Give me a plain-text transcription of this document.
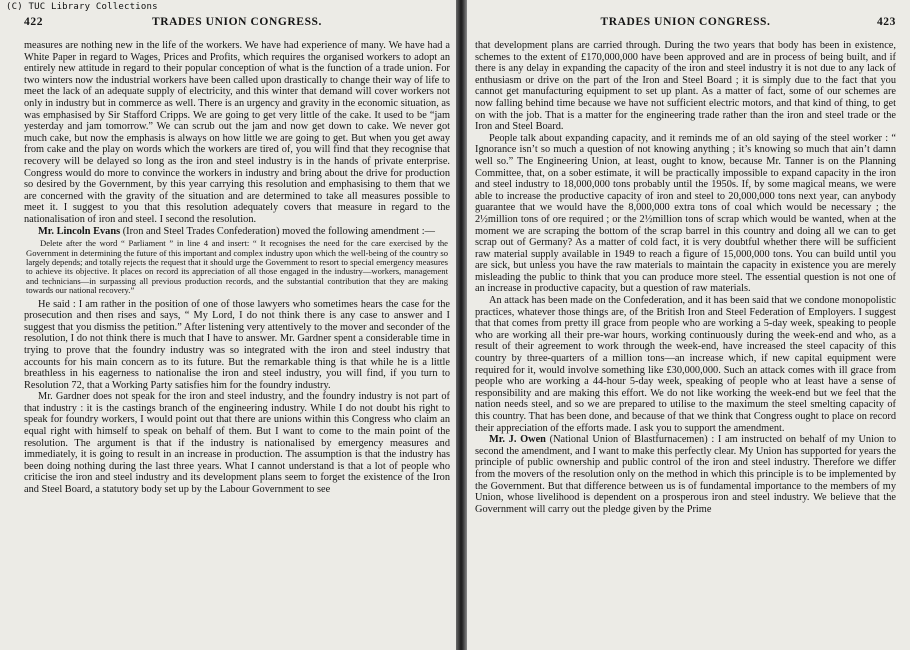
(C) TUC Library Collections
422	TRADES UNION CONGRESS.

measures are nothing new in the life of the workers. We have had experience of many. We have had a White Paper in regard to Wages, Prices and Profits, which requires the organised workers to adopt an entirely new attitude in regard to their popular conception of what is the function of a trade union. For two winters now the industrial workers have been called upon drastically to change their way of life to meet the lack of an adequate supply of electricity, and this winter that demand will cover workers not only in industry but in commerce as well. There is an urgency and gravity in the economic situation, as was emphasised by Sir Stafford Cripps. We are going to get very little of the cake. It used to be “jam yesterday and jam tomorrow.” We can scrub out the jam and now get down to cake. We never got much cake, but now the emphasis is always on how little we are going to get. But when you get away from cake and the play on words which the workers are tired of, you will find that they recognise that recovery will be delayed so long as the iron and steel industry is in the hands of private enterprise. Congress would do more to convince the workers in industry and bring about the drive for production so desired by the Government, by this year carrying this resolution and emphasising to them that we are concerned with the gravity of the situation and are determined to take all measures possible to meet it. I suggest to you that this resolution adequately covers that measure in regard to the nationalisation of iron and steel. I second the resolution.

Mr. Lincoln Evans (Iron and Steel Trades Confederation) moved the following amendment :—

Delete after the word “ Parliament ” in line 4 and insert: “ It recognises the need for the care exercised by the Government in determining the future of this important and complex industry upon which the well-being of the country so largely depends; and totally rejects the request that it should urge the Government to resort to special emergency measures to achieve its objective. It places on record its appreciation of all those engaged in the industry—workers, management and technicians—in surpassing all previous production records, and the substantial contribution that they are making towards our national recovery.”

He said : I am rather in the position of one of those lawyers who sometimes hears the case for the prosecution and then rises and says, “ My Lord, I do not think there is any case to answer and I suggest that you dismiss the petition.” After listening very attentively to the mover and seconder of the resolution, I do not think there is much that I have to answer. Mr. Gardner spent a considerable time in trying to prove that the foundry industry was so integrated with the iron and steel industry that accounts for his main concern as to its future. But the remarkable thing is that while he is a little breathless in his eagerness to nationalise the iron and steel industry, you will find, if you turn to Resolution 72, that a Working Party satisfies him for the foundry industry.

Mr. Gardner does not speak for the iron and steel industry, and the foundry industry is not part of that industry : it is the castings branch of the engineering industry. While I do not doubt his right to speak for foundry workers, I would point out that there are unions within this Congress who claim an equal right with himself to speak on behalf of them. But I want to come to the main point of the resolution. The argument is that if the industry is nationalised by emergency measures and immediately, it is going to result in an increase in production. The assumption is that the industry has been doing nothing during the last three years. What I cannot understand is that a lot of people who criticise the iron and steel industry and its development plans seem to forget the existence of the Iron and Steel Board, a statutory body set up by the Labour Government to see

TRADES UNION CONGRESS.	423

that development plans are carried through. During the two years that body has been in existence, schemes to the extent of £170,000,000 have been approved and are in process of being built, and if there is any delay in expanding the capacity of the iron and steel industry it is not due to any lack of enthusiasm or drive on the part of the Iron and Steel Board ; it is simply due to the fact that you cannot get manufacturing equipment to set up plant. As a matter of fact, some of our schemes are now falling behind time because we have not sufficient electric motors, and that kind of thing, to get on with the job. That is a matter for the engineering trade rather than the iron and steel trade or the Iron and Steel Board.

People talk about expanding capacity, and it reminds me of an old saying of the steel worker : “ Ignorance isn’t so much a question of not knowing anything ; it’s knowing so much that ain’t damn well so.” The Engineering Union, at least, ought to know, because Mr. Tanner is on the Planning Committee, that, on a sober estimate, it will be practically impossible to expand capacity in the iron and steel industry to 18,000,000 tons probably until the 1950s. If, by some magical means, we were able to increase the productive capacity of iron and steel to 20,000,000 tons next year, can anybody guarantee that we would have the 8,000,000 extra tons of coal which would be necessary ; the 2½million tons of ore required ; or the 2½million tons of scrap which would be wanted, when at the moment we are scraping the bottom of the scrap barrel in this country and doing all we can to get scrap out of Germany? As a matter of cold fact, it is very doubtful whether there will be sufficient raw material supply available in 1949 to reach a figure of 15,000,000 tons. You can build until you are sick, but unless you have the raw materials to maintain the capacity in existence you are merely misleading the public to think that you can produce more steel. The essential question is not one of an increase in productive capacity, but a question of raw materials.

An attack has been made on the Confederation, and it has been said that we condone monopolistic practices, whatever those things are, of the British Iron and Steel Federation of Employers. I suggest that that comes from pretty ill grace from people who are working a 5-day week, speaking to people who are working all their pre-war hours, working continuously during the week-end and who, as a result of their agreement to work through the week-end, have increased the steel capacity of this country by three-quarters of a million tons—an increase which, if new capital equipment were required for it, would involve something like £30,000,000. Such an attack comes with ill grace from people who are working a 44-hour 5-day week, speaking of people who at least have a sense of responsibility and are making this effort. We do not like working the week-end but we feel that the nation needs steel, and so we are prepared to utilise to the maximum the steel smelting capacity of this country. That has been done, and because of that we think that Congress ought to place on record their appreciation of the efforts made. I ask you to support the amendment.

Mr. J. Owen (National Union of Blastfurnacemen) : I am instructed on behalf of my Union to second the amendment, and I want to make this perfectly clear. My Union has supported for years the principle of public ownership and public control of the iron and steel industry. Therefore we differ from the movers of the resolution only on the method in which this principle is to be implemented by the Government. But that difference between us is of fundamental importance to the members of my Union, whose livelihood is dependent on a prosperous iron and steel industry. We believe that the Government will carry out the pledge given by the Prime
